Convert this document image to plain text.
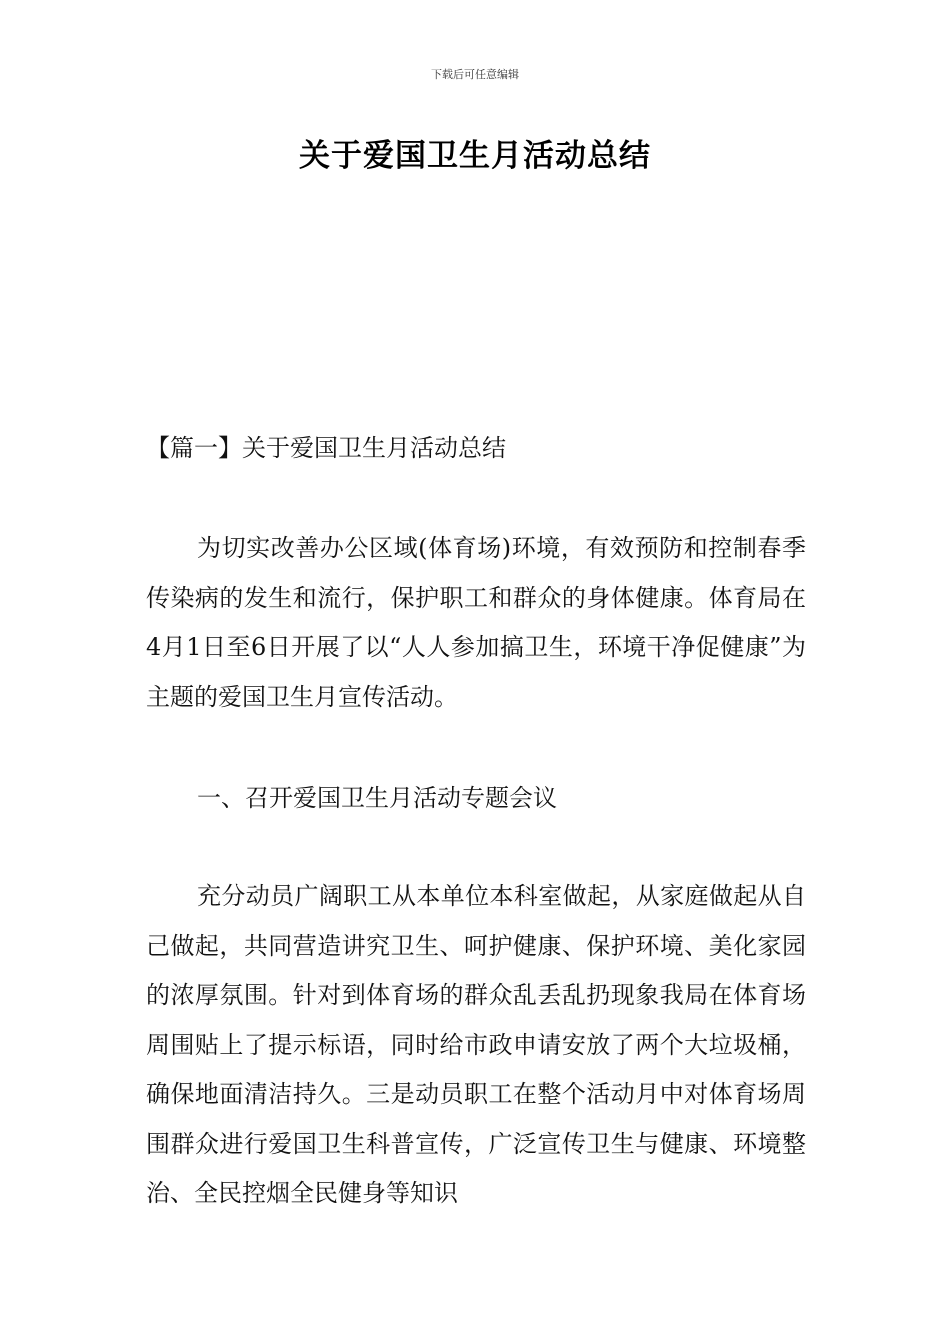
下载后可任意编辑
关于爱国卫生月活动总结
【篇一】关于爱国卫生月活动总结

为切实改善办公区域(体育场)环境，有效预防和控制春季传染病的发生和流行，保护职工和群众的身体健康。体育局在4月1日至6日开展了以“人人参加搞卫生，环境干净促健康”为主题的爱国卫生月宣传活动。

一、召开爱国卫生月活动专题会议

充分动员广阔职工从本单位本科室做起，从家庭做起从自己做起，共同营造讲究卫生、呵护健康、保护环境、美化家园的浓厚氛围。针对到体育场的群众乱丢乱扔现象我局在体育场周围贴上了提示标语，同时给市政申请安放了两个大垃圾桶，确保地面清洁持久。三是动员职工在整个活动月中对体育场周围群众进行爱国卫生科普宣传，广泛宣传卫生与健康、环境整治、全民控烟全民健身等知识
